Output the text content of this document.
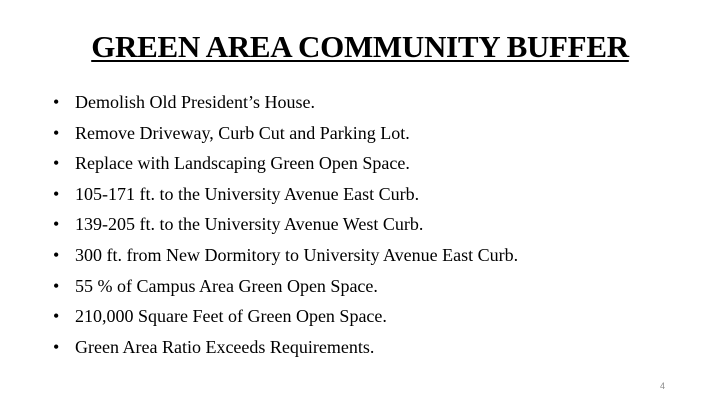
GREEN AREA COMMUNITY BUFFER
• Demolish Old President’s House.
• Remove Driveway, Curb Cut and Parking Lot.
• Replace with Landscaping Green Open Space.
• 105-171 ft. to the University Avenue East Curb.
• 139-205 ft. to the University Avenue West Curb.
• 300 ft. from New Dormitory to University Avenue East Curb.
• 55 % of Campus Area Green Open Space.
• 210,000 Square Feet of Green Open Space.
• Green Area Ratio Exceeds Requirements.
4
